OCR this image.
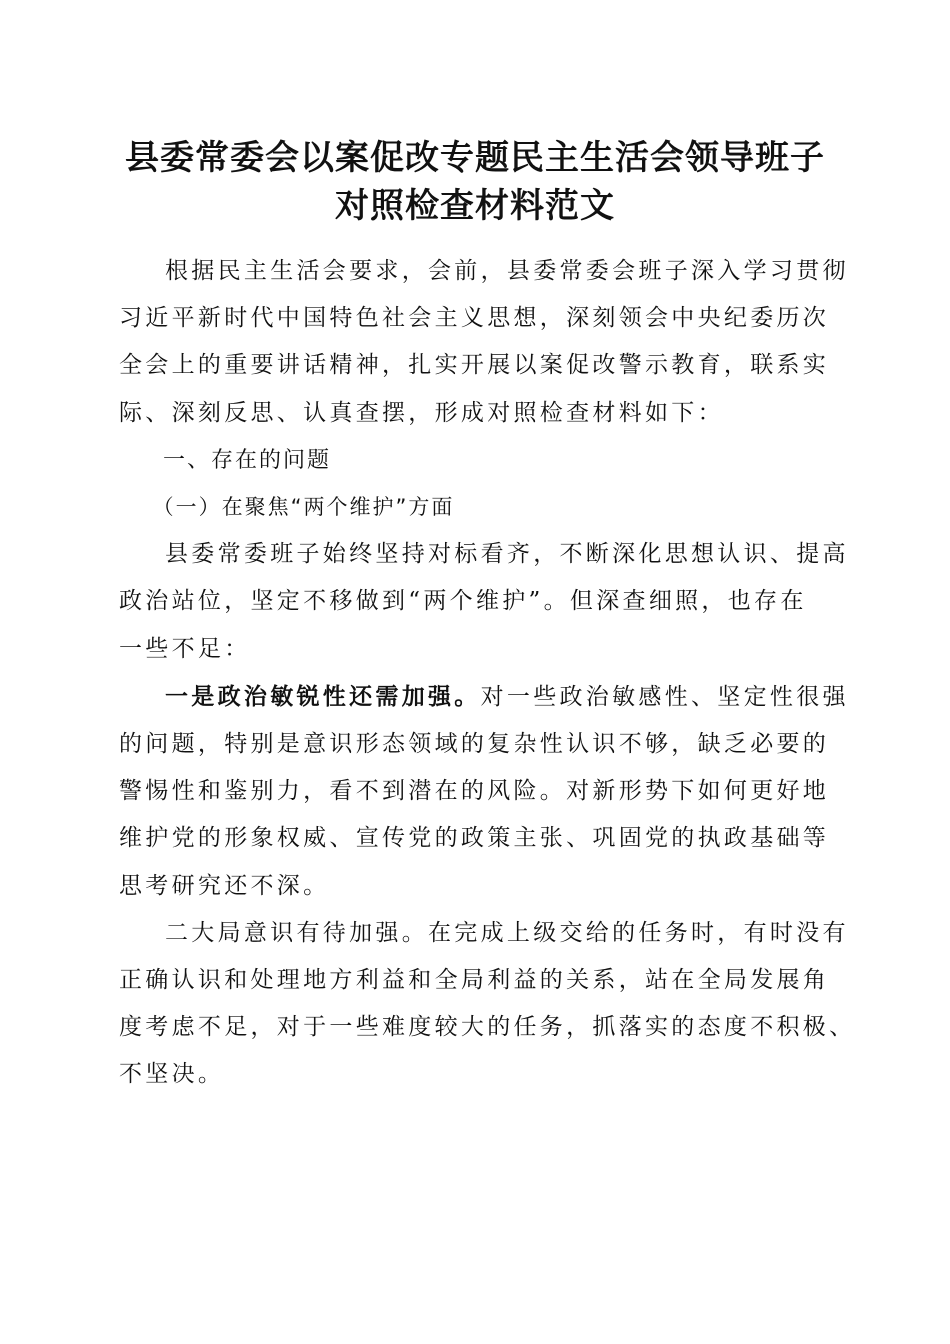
县委常委会以案促改专题民主生活会领导班子
对照检查材料范文
根据民主生活会要求，会前，县委常委会班子深入学习贯彻
习近平新时代中国特色社会主义思想，深刻领会中央纪委历次
全会上的重要讲话精神，扎实开展以案促改警示教育，联系实
际、深刻反思、认真查摆，形成对照检查材料如下：
一、存在的问题
（一）在聚焦“两个维护”方面
县委常委班子始终坚持对标看齐，不断深化思想认识、提高
政治站位，坚定不移做到“两个维护”。但深查细照，也存在
一些不足：
一是政治敏锐性还需加强。对一些政治敏感性、坚定性很强
的问题，特别是意识形态领域的复杂性认识不够，缺乏必要的
警惕性和鉴别力，看不到潜在的风险。对新形势下如何更好地
维护党的形象权威、宣传党的政策主张、巩固党的执政基础等
思考研究还不深。
二大局意识有待加强。在完成上级交给的任务时，有时没有
正确认识和处理地方利益和全局利益的关系，站在全局发展角
度考虑不足，对于一些难度较大的任务，抓落实的态度不积极、
不坚决。
